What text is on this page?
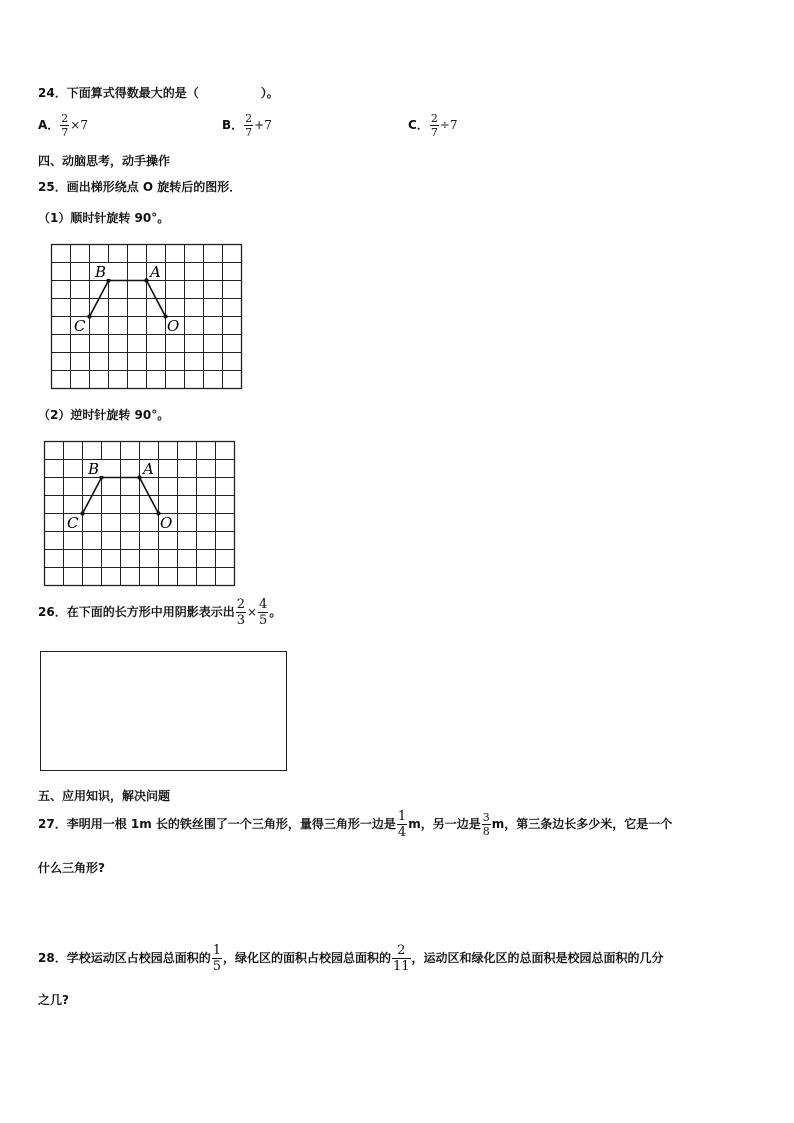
24．下面算式得数最大的是（	）。
A． $\frac{2}{7} \times 7$	B． $\frac{2}{7} +7$	C． $\frac{2}{7} \div 7$
四、动脑思考，动手操作
25．画出梯形绕点 O 旋转后的图形．
（1）顺时针旋转 90°。
B	A
C	O
（2）逆时针旋转 90°。
B	A
C	O
26．在下面的长方形中用阴影表示出 $\frac{2}{3} \times \frac{4}{5}$ 。
五、应用知识，解决问题
27．李明用一根 1m 长的铁丝围了一个三角形，量得三角形一边是 $\frac{1}{4}$ m，另一边是 $\frac{3}{8}$ m，第三条边长多少米，它是一个
什么三角形?
28．学校运动区占校园总面积的 $\frac{1}{5}$ ，绿化区的面积占校园总面积的 $\frac{2}{11}$ ，运动区和绿化区的总面积是校园总面积的几分
之几?
